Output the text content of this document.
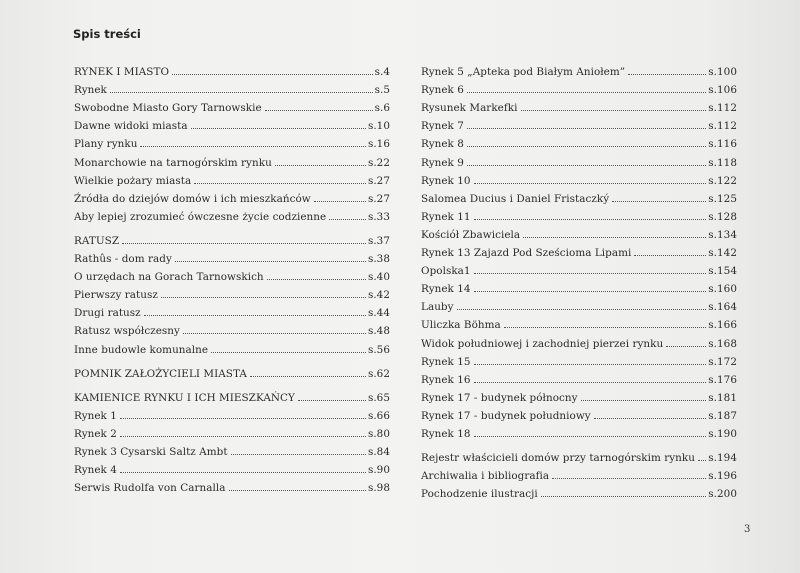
Spis treści
RYNEK I MIASTO	s.4
Rynek	s.5
Swobodne Miasto Gory Tarnowskie	s.6
Dawne widoki miasta	s.10
Plany rynku	s.16
Monarchowie na tarnogórskim rynku	s.22
Wielkie pożary miasta	s.27
Źródła do dziejów domów i ich mieszkańców	s.27
Aby lepiej zrozumieć ówczesne życie codzienne	s.33
RATUSZ	s.37
Rathûs - dom rady	s.38
O urzędach na Gorach Tarnowskich	s.40
Pierwszy ratusz	s.42
Drugi ratusz	s.44
Ratusz współczesny	s.48
Inne budowle komunalne	s.56
POMNIK ZAŁOŻYCIELI MIASTA	s.62
KAMIENICE RYNKU I ICH MIESZKAŃCY	s.65
Rynek 1	s.66
Rynek 2	s.80
Rynek 3 Cysarski Saltz Ambt	s.84
Rynek 4	s.90
Serwis Rudolfa von Carnalla	s.98
Rynek 5 „Apteka pod Białym Aniołem”	s.100
Rynek 6	s.106
Rysunek Markefki	s.112
Rynek 7	s.112
Rynek 8	s.116
Rynek 9	s.118
Rynek 10	s.122
Salomea Ducius i Daniel Fristaczký	s.125
Rynek 11	s.128
Kościół Zbawiciela	s.134
Rynek 13 Zajazd Pod Sześcioma Lipami	s.142
Opolska1	s.154
Rynek 14	s.160
Lauby	s.164
Uliczka Böhma	s.166
Widok południowej i zachodniej pierzei rynku	s.168
Rynek 15	s.172
Rynek 16	s.176
Rynek 17 - budynek północny	s.181
Rynek 17 - budynek południowy	s.187
Rynek 18	s.190
Rejestr właścicieli domów przy tarnogórskim rynku s.194
Archiwalia i bibliografia	s.196
Pochodzenie ilustracji	s.200
3
